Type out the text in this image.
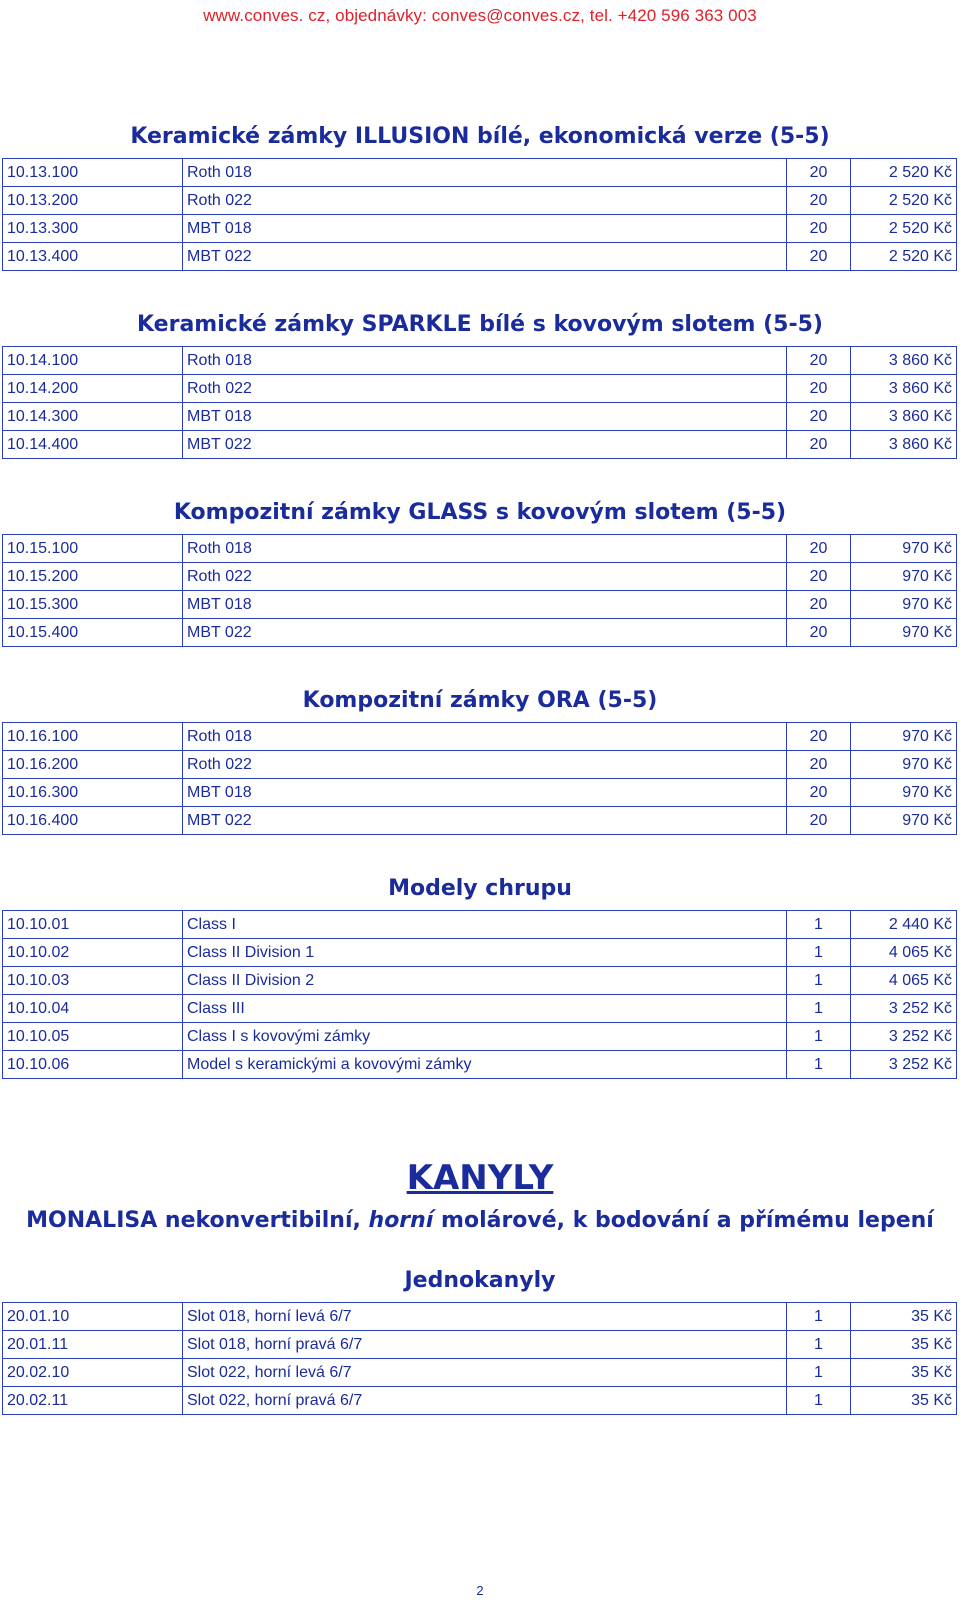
www.conves. cz, objednávky: conves@conves.cz, tel. +420 596 363 003
Keramické zámky ILLUSION bílé, ekonomická verze (5-5)
10.13.100	Roth 018	20	2 520 Kč
10.13.200	Roth 022	20	2 520 Kč
10.13.300	MBT 018	20	2 520 Kč
10.13.400	MBT 022	20	2 520 Kč
Keramické zámky SPARKLE bílé s kovovým slotem (5-5)
10.14.100	Roth 018	20	3 860 Kč
10.14.200	Roth 022	20	3 860 Kč
10.14.300	MBT 018	20	3 860 Kč
10.14.400	MBT 022	20	3 860 Kč
Kompozitní zámky GLASS s kovovým slotem (5-5)
10.15.100	Roth 018	20	970 Kč
10.15.200	Roth 022	20	970 Kč
10.15.300	MBT 018	20	970 Kč
10.15.400	MBT 022	20	970 Kč
Kompozitní zámky ORA (5-5)
10.16.100	Roth 018	20	970 Kč
10.16.200	Roth 022	20	970 Kč
10.16.300	MBT 018	20	970 Kč
10.16.400	MBT 022	20	970 Kč
Modely chrupu
10.10.01	Class I	1	2 440 Kč
10.10.02	Class II Division 1	1	4 065 Kč
10.10.03	Class II Division 2	1	4 065 Kč
10.10.04	Class III	1	3 252 Kč
10.10.05	Class I s kovovými zámky	1	3 252 Kč
10.10.06	Model s keramickými a kovovými zámky	1	3 252 Kč
KANYLY
MONALISA nekonvertibilní, horní molárové, k bodování a přímému lepení
Jednokanyly
20.01.10	Slot 018, horní levá 6/7	1	35 Kč
20.01.11	Slot 018, horní pravá 6/7	1	35 Kč
20.02.10	Slot 022, horní levá 6/7	1	35 Kč
20.02.11	Slot 022, horní pravá 6/7	1	35 Kč
2
